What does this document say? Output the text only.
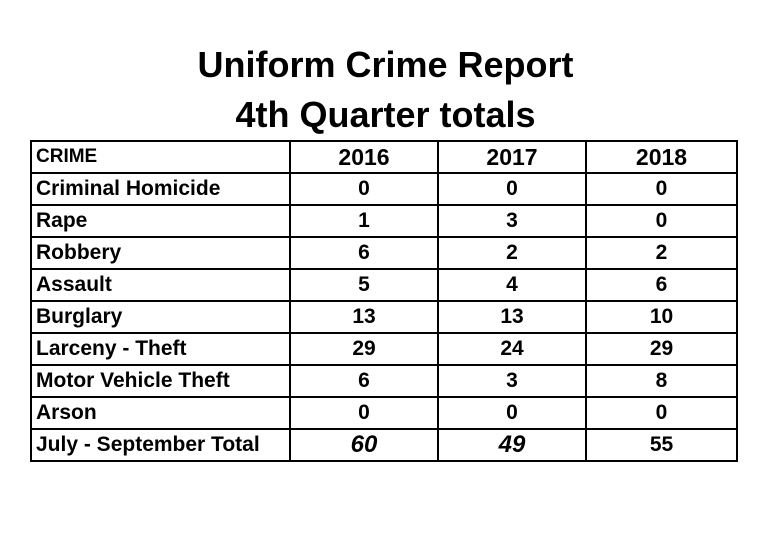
Uniform Crime Report
4th Quarter totals
CRIME	2016	2017	2018
Criminal Homicide	0	0	0
Rape	1	3	0
Robbery	6	2	2
Assault	5	4	6
Burglary	13	13	10
Larceny - Theft	29	24	29
Motor Vehicle Theft	6	3	8
Arson	0	0	0
July - September Total	60	49	55
